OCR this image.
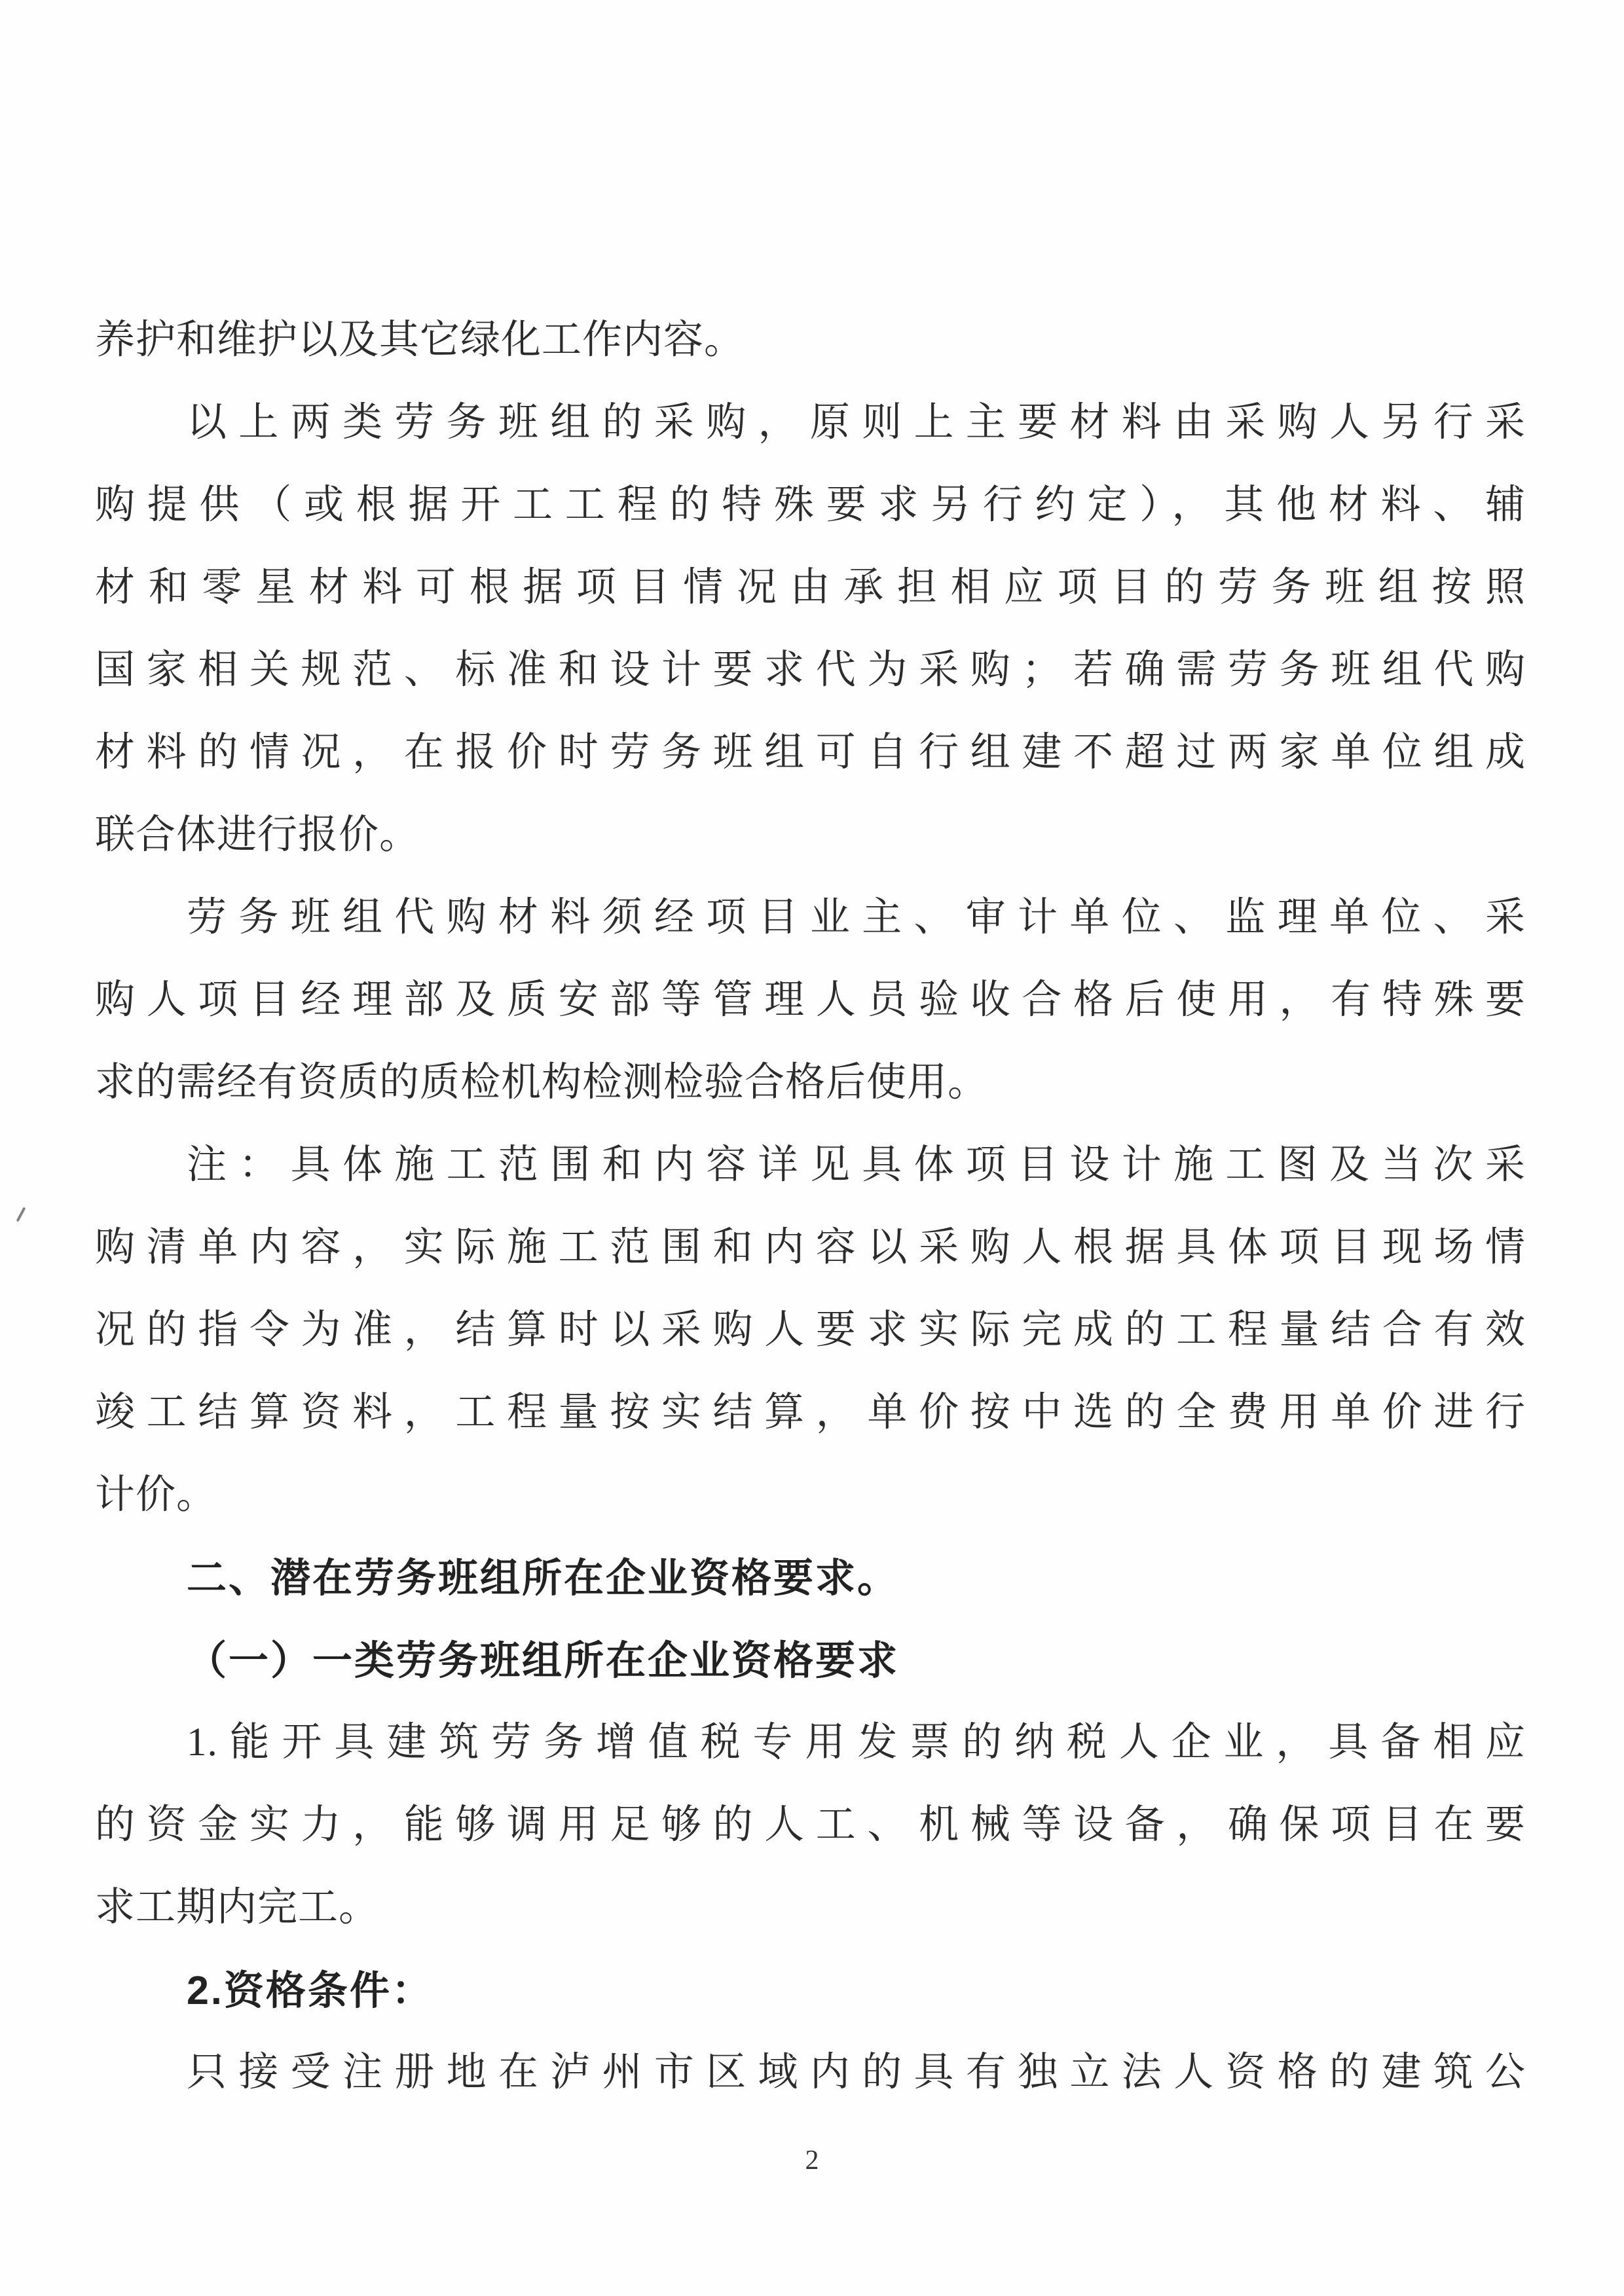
养护和维护以及其它绿化工作内容。
以上两类劳务班组的采购，原则上主要材料由采购人另行采
购提供（或根据开工工程的特殊要求另行约定），其他材料、辅
材和零星材料可根据项目情况由承担相应项目的劳务班组按照
国家相关规范、标准和设计要求代为采购；若确需劳务班组代购
材料的情况，在报价时劳务班组可自行组建不超过两家单位组成
联合体进行报价。
劳务班组代购材料须经项目业主、审计单位、监理单位、采
购人项目经理部及质安部等管理人员验收合格后使用，有特殊要
求的需经有资质的质检机构检测检验合格后使用。
注：具体施工范围和内容详见具体项目设计施工图及当次采
购清单内容，实际施工范围和内容以采购人根据具体项目现场情
况的指令为准，结算时以采购人要求实际完成的工程量结合有效
竣工结算资料，工程量按实结算，单价按中选的全费用单价进行
计价。
二、潜在劳务班组所在企业资格要求。
（一）一类劳务班组所在企业资格要求
1.能开具建筑劳务增值税专用发票的纳税人企业，具备相应
的资金实力，能够调用足够的人工、机械等设备，确保项目在要
求工期内完工。
2.资格条件：
只接受注册地在泸州市区域内的具有独立法人资格的建筑公
2
